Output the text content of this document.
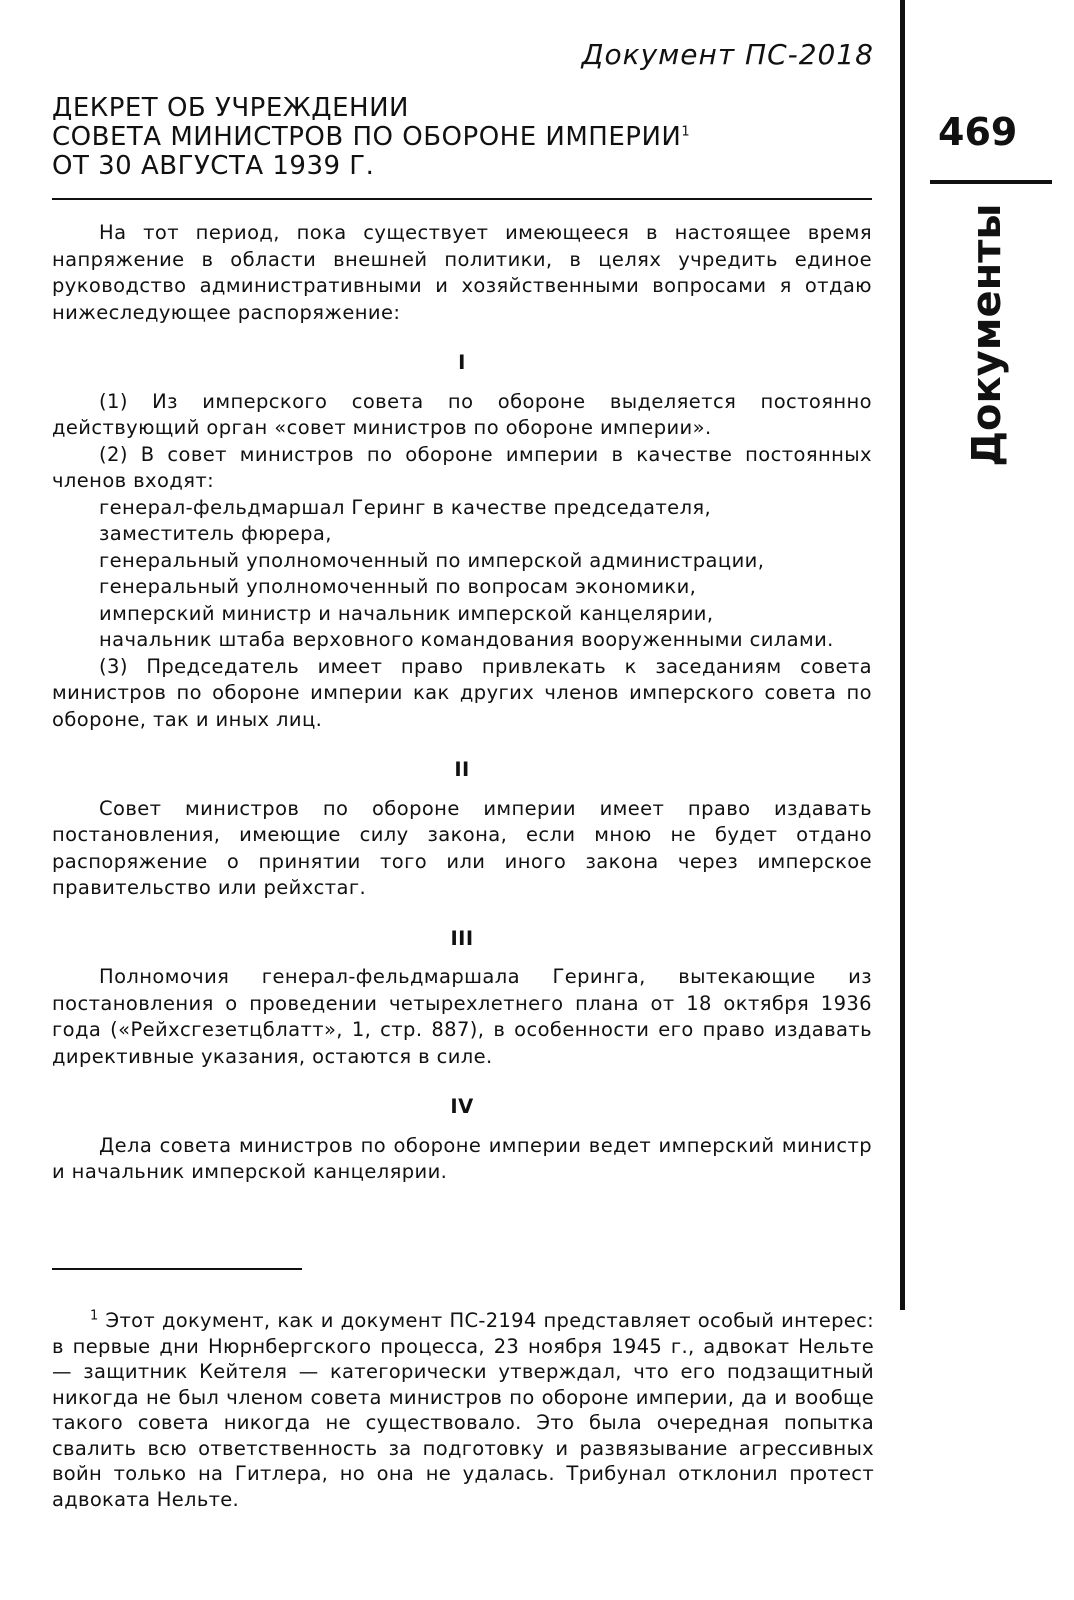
Документ ПС-2018
ДЕКРЕТ ОБ УЧРЕЖДЕНИИ
СОВЕТА МИНИСТРОВ ПО ОБОРОНЕ ИМПЕРИИ$^1$
ОТ 30 АВГУСТА 1939 Г.
469
Документы

На тот период, пока существует имеющееся в настоящее время напряжение в области внешней политики, в целях учредить единое руководство административными и хозяйственными вопросами я отдаю нижеследующее распоряжение:

I

(1) Из имперского совета по обороне выделяется постоянно действующий орган «совет министров по обороне империи».

(2) В совет министров по обороне империи в качестве постоянных членов входят:

генерал-фельдмаршал Геринг в качестве председателя,

заместитель фюрера,

генеральный уполномоченный по имперской администрации,

генеральный уполномоченный по вопросам экономики,

имперский министр и начальник имперской канцелярии,

начальник штаба верховного командования вооруженными силами.

(3) Председатель имеет право привлекать к заседаниям совета министров по обороне империи как других членов имперского совета по обороне, так и иных лиц.

II

Совет министров по обороне империи имеет право издавать постановления, имеющие силу закона, если мною не будет отдано распоряжение о принятии того или иного закона через имперское правительство или рейхстаг.

III

Полномочия генерал-фельдмаршала Геринга, вытекающие из постановления о проведении четырехлетнего плана от 18 октября 1936 года («Рейхсгезетцблатт», 1, стр. 887), в особенности его право издавать директивные указания, остаются в силе.

IV

Дела совета министров по обороне империи ведет имперский министр и начальник имперской канцелярии.

$^1$ Этот документ, как и документ ПС-2194 представляет особый интерес: в первые дни Нюрнбергского процесса, 23 ноября 1945 г., адвокат Нельте — защитник Кейтеля — категорически утверждал, что его подзащитный никогда не был членом совета министров по обороне империи, да и вообще такого совета никогда не существовало. Это была очередная попытка свалить всю ответственность за подготовку и развязывание агрессивных войн только на Гитлера, но она не удалась. Трибунал отклонил протест адвоката Нельте.
